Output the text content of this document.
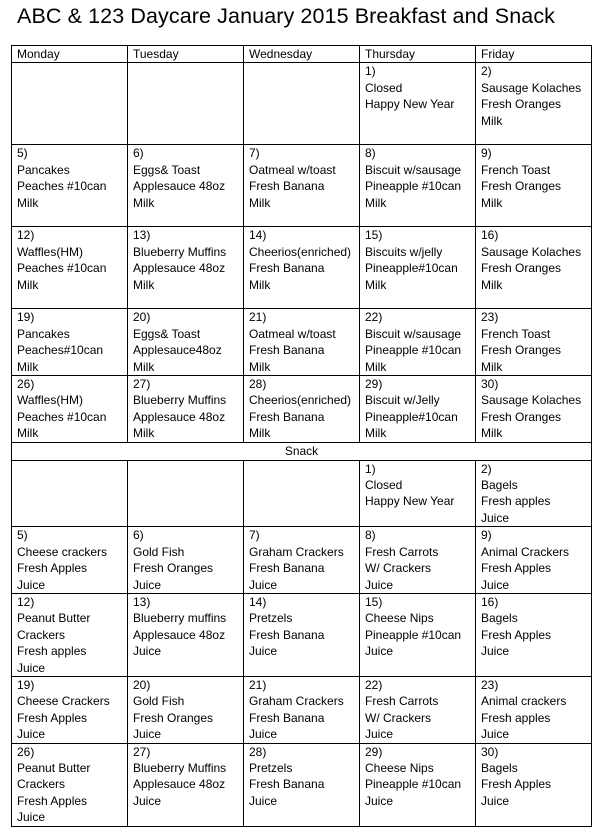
ABC & 123 Daycare January 2015 Breakfast and Snack
Monday	Tuesday	Wednesday	Thursday	Friday

			1)
Closed
Happy New Year	2)
Sausage Kolaches
Fresh Oranges
Milk

5)
Pancakes
Peaches #10can
Milk	6)
Eggs& Toast
Applesauce 48oz
Milk	7)
Oatmeal w/toast
Fresh Banana
Milk	8)
Biscuit w/sausage
Pineapple #10can
Milk	9)
French Toast
Fresh Oranges
Milk

12)
Waffles(HM)
Peaches #10can
Milk	13)
Blueberry Muffins
Applesauce 48oz
Milk	14)
Cheerios(enriched)
Fresh Banana
Milk	15)
Biscuits w/jelly
Pineapple#10can
Milk	16)
Sausage Kolaches
Fresh Oranges
Milk

19)
Pancakes
Peaches#10can
Milk	20)
Eggs& Toast
Applesauce48oz
Milk	21)
Oatmeal w/toast
Fresh Banana
Milk	22)
Biscuit w/sausage
Pineapple #10can
Milk	23)
French Toast
Fresh Oranges
Milk

26)
Waffles(HM)
Peaches #10can
Milk	27)
Blueberry Muffins
Applesauce 48oz
Milk	28)
Cheerios(enriched)
Fresh Banana
Milk	29)
Biscuit w/Jelly
Pineapple#10can
Milk	30)
Sausage Kolaches
Fresh Oranges
Milk

Snack				

			1)
Closed
Happy New Year	2)
Bagels
Fresh apples
Juice

5)
Cheese crackers
Fresh Apples
Juice	6)
Gold Fish
Fresh Oranges
Juice	7)
Graham Crackers
Fresh Banana
Juice	8)
Fresh Carrots
W/ Crackers
Juice	9)
Animal Crackers
Fresh Apples
Juice

12)
Peanut Butter
Crackers
Fresh apples
Juice	13)
Blueberry muffins
Applesauce 48oz
Juice	14)
Pretzels
Fresh Banana
Juice	15)
Cheese Nips
Pineapple #10can
Juice	16)
Bagels
Fresh Apples
Juice

19)
Cheese Crackers
Fresh Apples
Juice	20)
Gold Fish
Fresh Oranges
Juice	21)
Graham Crackers
Fresh Banana
Juice	22)
Fresh Carrots
W/ Crackers
Juice	23)
Animal crackers
Fresh apples
Juice

26)
Peanut Butter
Crackers
Fresh Apples
Juice	27)
Blueberry Muffins
Applesauce 48oz
Juice	28)
Pretzels
Fresh Banana
Juice	29)
Cheese Nips
Pineapple #10can
Juice	30)
Bagels
Fresh Apples
Juice
